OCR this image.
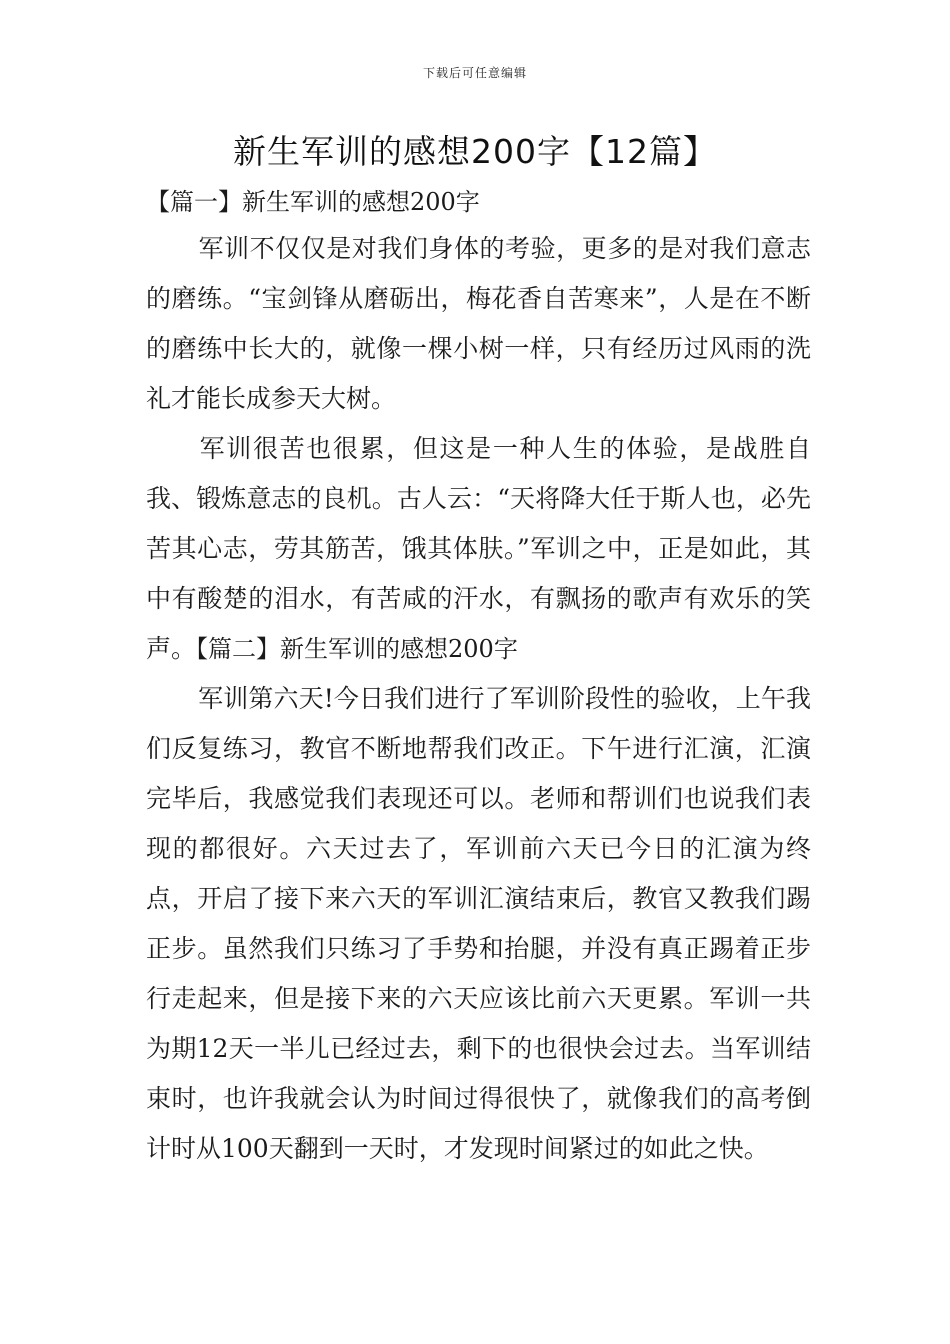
下载后可任意编辑
新生军训的感想200字【12篇】
【篇一】新生军训的感想200字

军训不仅仅是对我们身体的考验，更多的是对我们意志的磨练。“宝剑锋从磨砺出，梅花香自苦寒来”，人是在不断的磨练中长大的，就像一棵小树一样，只有经历过风雨的洗礼才能长成参天大树。

军训很苦也很累，但这是一种人生的体验，是战胜自我、锻炼意志的良机。古人云：“天将降大任于斯人也，必先苦其心志，劳其筋苦，饿其体肤。”军训之中，正是如此，其中有酸楚的泪水，有苦咸的汗水，有飘扬的歌声有欢乐的笑声。【篇二】新生军训的感想200字

军训第六天!今日我们进行了军训阶段性的验收，上午我们反复练习，教官不断地帮我们改正。下午进行汇演，汇演完毕后，我感觉我们表现还可以。老师和帮训们也说我们表现的都很好。六天过去了，军训前六天已今日的汇演为终点，开启了接下来六天的军训汇演结束后，教官又教我们踢正步。虽然我们只练习了手势和抬腿，并没有真正踢着正步行走起来，但是接下来的六天应该比前六天更累。军训一共为期12天一半儿已经过去，剩下的也很快会过去。当军训结束时，也许我就会认为时间过得很快了，就像我们的高考倒计时从100天翻到一天时，才发现时间紧过的如此之快。
